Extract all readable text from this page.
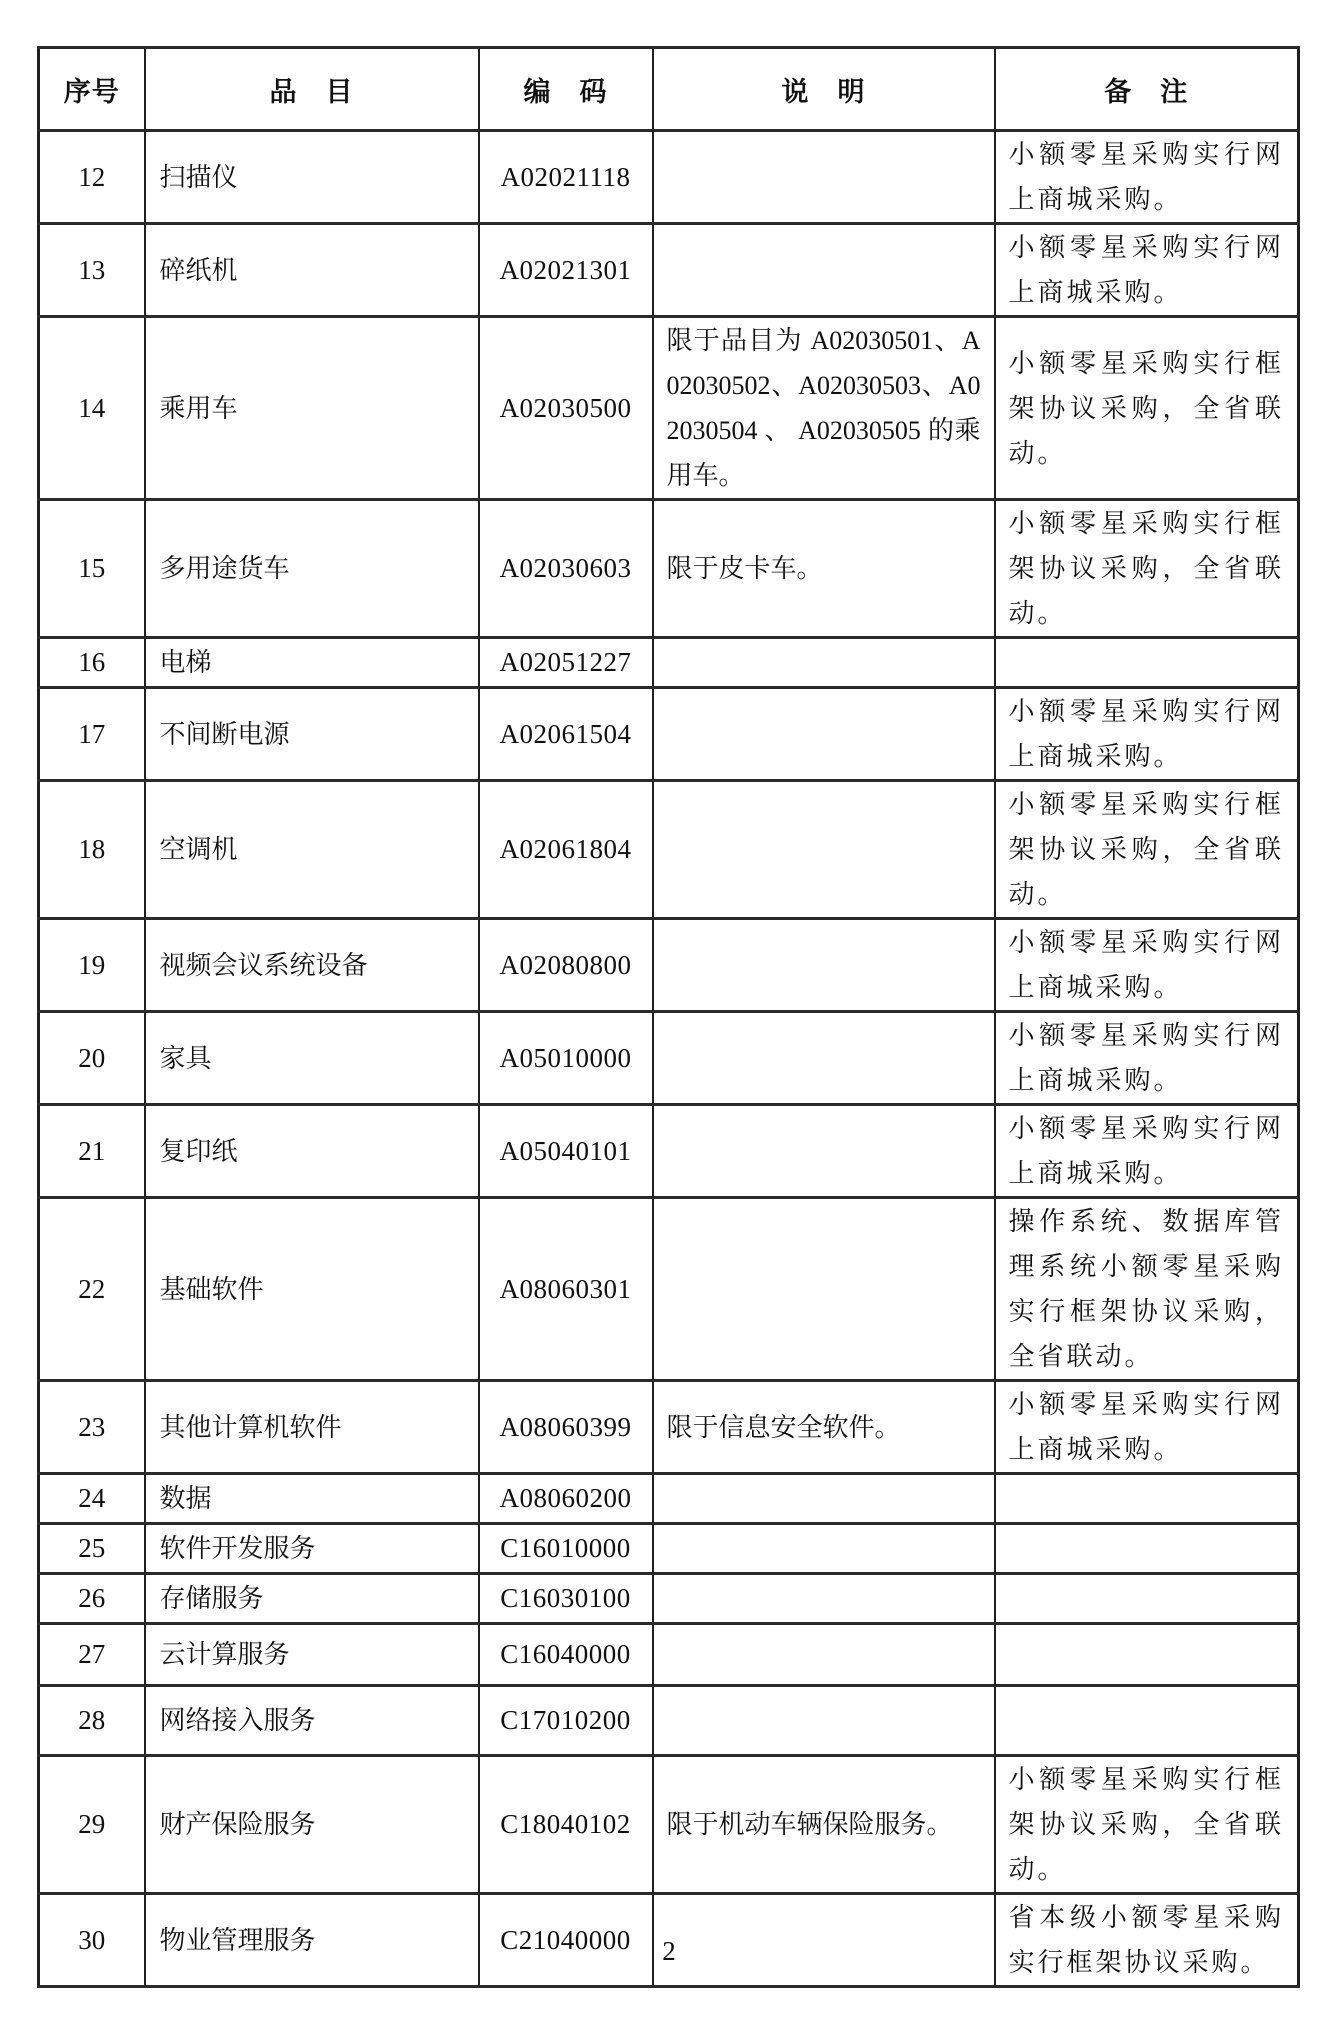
序号	品　目	编　码	说　明	备　注
12	扫描仪	A02021118		小额零星采购实行网上商城采购。
13	碎纸机	A02021301		小额零星采购实行网上商城采购。
14	乘用车	A02030500	限于品目为 A02030501、A02030502、A02030503、A02030504 、 A02030505 的乘用车。	小额零星采购实行框架协议采购，全省联动。
15	多用途货车	A02030603	限于皮卡车。	小额零星采购实行框架协议采购，全省联动。
16	电梯	A02051227		
17	不间断电源	A02061504		小额零星采购实行网上商城采购。
18	空调机	A02061804		小额零星采购实行框架协议采购，全省联动。
19	视频会议系统设备	A02080800		小额零星采购实行网上商城采购。
20	家具	A05010000		小额零星采购实行网上商城采购。
21	复印纸	A05040101		小额零星采购实行网上商城采购。
22	基础软件	A08060301		操作系统、数据库管理系统小额零星采购实行框架协议采购，全省联动。
23	其他计算机软件	A08060399	限于信息安全软件。	小额零星采购实行网上商城采购。
24	数据	A08060200		
25	软件开发服务	C16010000		
26	存储服务	C16030100		
27	云计算服务	C16040000		
28	网络接入服务	C17010200		
29	财产保险服务	C18040102	限于机动车辆保险服务。	小额零星采购实行框架协议采购，全省联动。
30	物业管理服务	C21040000		省本级小额零星采购实行框架协议采购。
2
